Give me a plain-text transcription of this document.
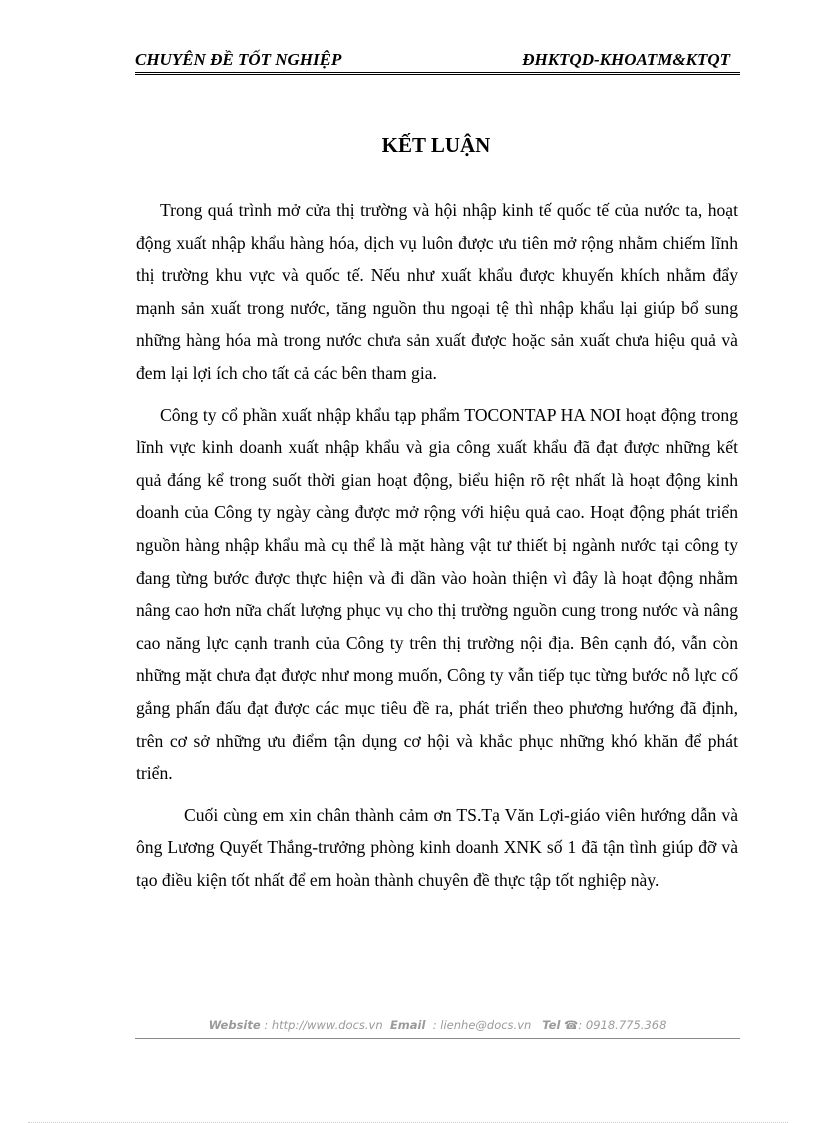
CHUYÊN ĐỀ TỐT NGHIỆP	ĐHKTQD-KHOATM&KTQT
KẾT LUẬN

Trong quá trình mở cửa thị trường và hội nhập kinh tế quốc tế của nước ta, hoạt động xuất nhập khẩu hàng hóa, dịch vụ luôn được ưu tiên mở rộng nhằm chiếm lĩnh thị trường khu vực và quốc tế. Nếu như xuất khẩu được khuyến khích nhằm đẩy mạnh sản xuất trong nước, tăng nguồn thu ngoại tệ thì nhập khẩu lại giúp bổ sung những hàng hóa mà trong nước chưa sản xuất được hoặc sản xuất chưa hiệu quả và đem lại lợi ích cho tất cả các bên tham gia.

Công ty cổ phần xuất nhập khẩu tạp phẩm TOCONTAP HA NOI hoạt động trong lĩnh vực kinh doanh xuất nhập khẩu và gia công xuất khẩu đã đạt được những kết quả đáng kể trong suốt thời gian hoạt động, biểu hiện rõ rệt nhất là hoạt động kinh doanh của Công ty ngày càng được mở rộng với hiệu quả cao. Hoạt động phát triển nguồn hàng nhập khẩu mà cụ thể là mặt hàng vật tư thiết bị ngành nước tại công ty đang từng bước được thực hiện và đi dần vào hoàn thiện vì đây là hoạt động nhằm nâng cao hơn nữa chất lượng phục vụ cho thị trường nguồn cung trong nước và nâng cao năng lực cạnh tranh của Công ty trên thị trường nội địa. Bên cạnh đó, vẫn còn những mặt chưa đạt được như mong muốn, Công ty vẫn tiếp tục từng bước nỗ lực cố gắng phấn đấu đạt được các mục tiêu đề ra, phát triển theo phương hướng đã định, trên cơ sở những ưu điểm tận dụng cơ hội và khắc phục những khó khăn để phát triển.

Cuối cùng em xin chân thành cảm ơn TS.Tạ Văn Lợi-giáo viên hướng dẫn và ông Lương Quyết Thắng-trưởng phòng kinh doanh XNK số 1 đã tận tình giúp đỡ và tạo điều kiện tốt nhất để em hoàn thành chuyên đề thực tập tốt nghiệp này.

Website : http://www.docs.vn Email : lienhe@docs.vn Tel ☎: 0918.775.368
